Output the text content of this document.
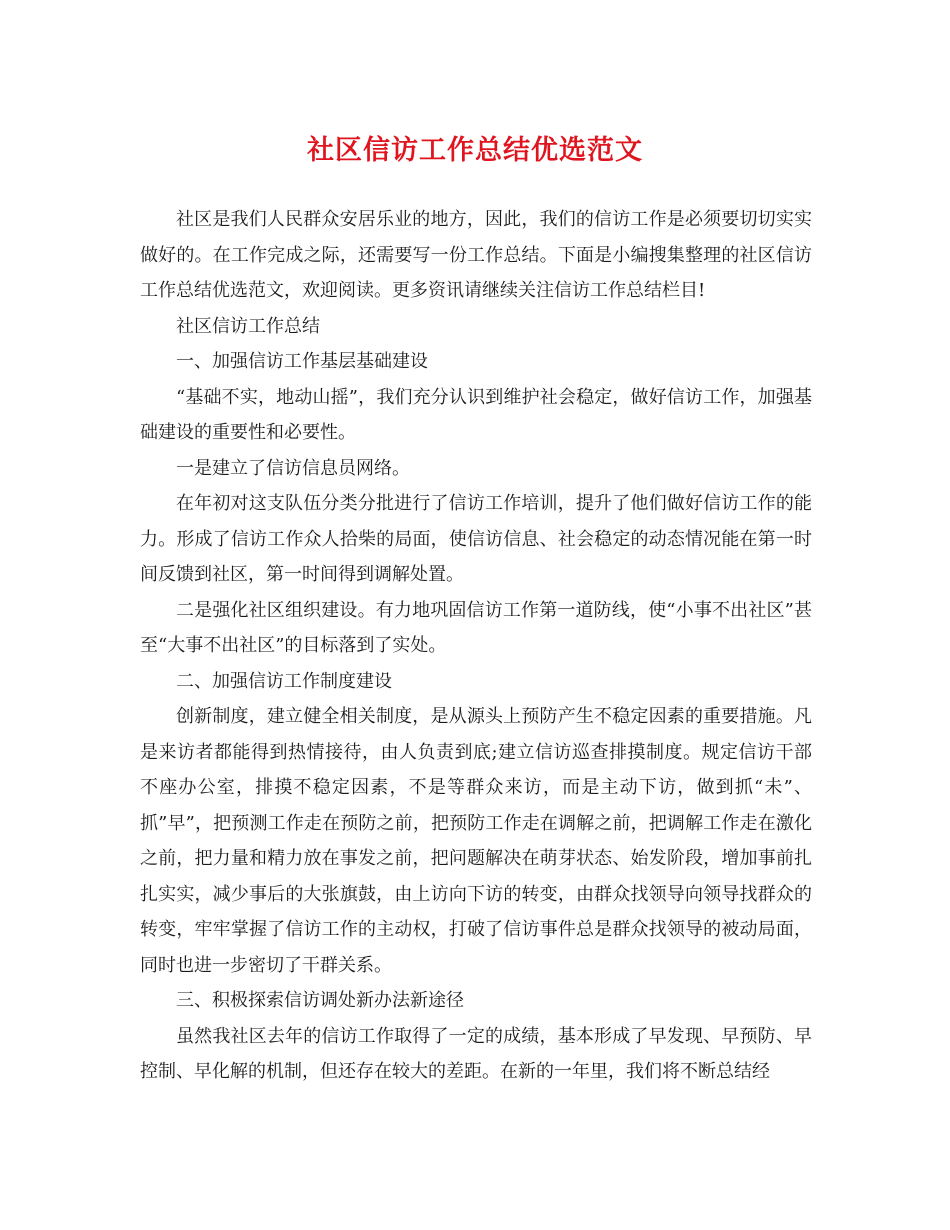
社区信访工作总结优选范文

社区是我们人民群众安居乐业的地方，因此，我们的信访工作是必须要切切实实做好的。在工作完成之际，还需要写一份工作总结。下面是小编搜集整理的社区信访工作总结优选范文，欢迎阅读。更多资讯请继续关注信访工作总结栏目!

社区信访工作总结

一、加强信访工作基层基础建设

“基础不实，地动山摇”，我们充分认识到维护社会稳定，做好信访工作，加强基础建设的重要性和必要性。

一是建立了信访信息员网络。

在年初对这支队伍分类分批进行了信访工作培训，提升了他们做好信访工作的能力。形成了信访工作众人拾柴的局面，使信访信息、社会稳定的动态情况能在第一时间反馈到社区，第一时间得到调解处置。

二是强化社区组织建设。有力地巩固信访工作第一道防线，使“小事不出社区”甚至“大事不出社区”的目标落到了实处。

二、加强信访工作制度建设

创新制度，建立健全相关制度，是从源头上预防产生不稳定因素的重要措施。凡是来访者都能得到热情接待，由人负责到底;建立信访巡查排摸制度。规定信访干部不座办公室，排摸不稳定因素，不是等群众来访，而是主动下访，做到抓“未”、抓”早”，把预测工作走在预防之前，把预防工作走在调解之前，把调解工作走在激化之前，把力量和精力放在事发之前，把问题解决在萌芽状态、始发阶段，增加事前扎扎实实，减少事后的大张旗鼓，由上访向下访的转变，由群众找领导向领导找群众的转变，牢牢掌握了信访工作的主动权，打破了信访事件总是群众找领导的被动局面，同时也进一步密切了干群关系。

三、积极探索信访调处新办法新途径

虽然我社区去年的信访工作取得了一定的成绩，基本形成了早发现、早预防、早控制、早化解的机制，但还存在较大的差距。在新的一年里，我们将不断总结经
